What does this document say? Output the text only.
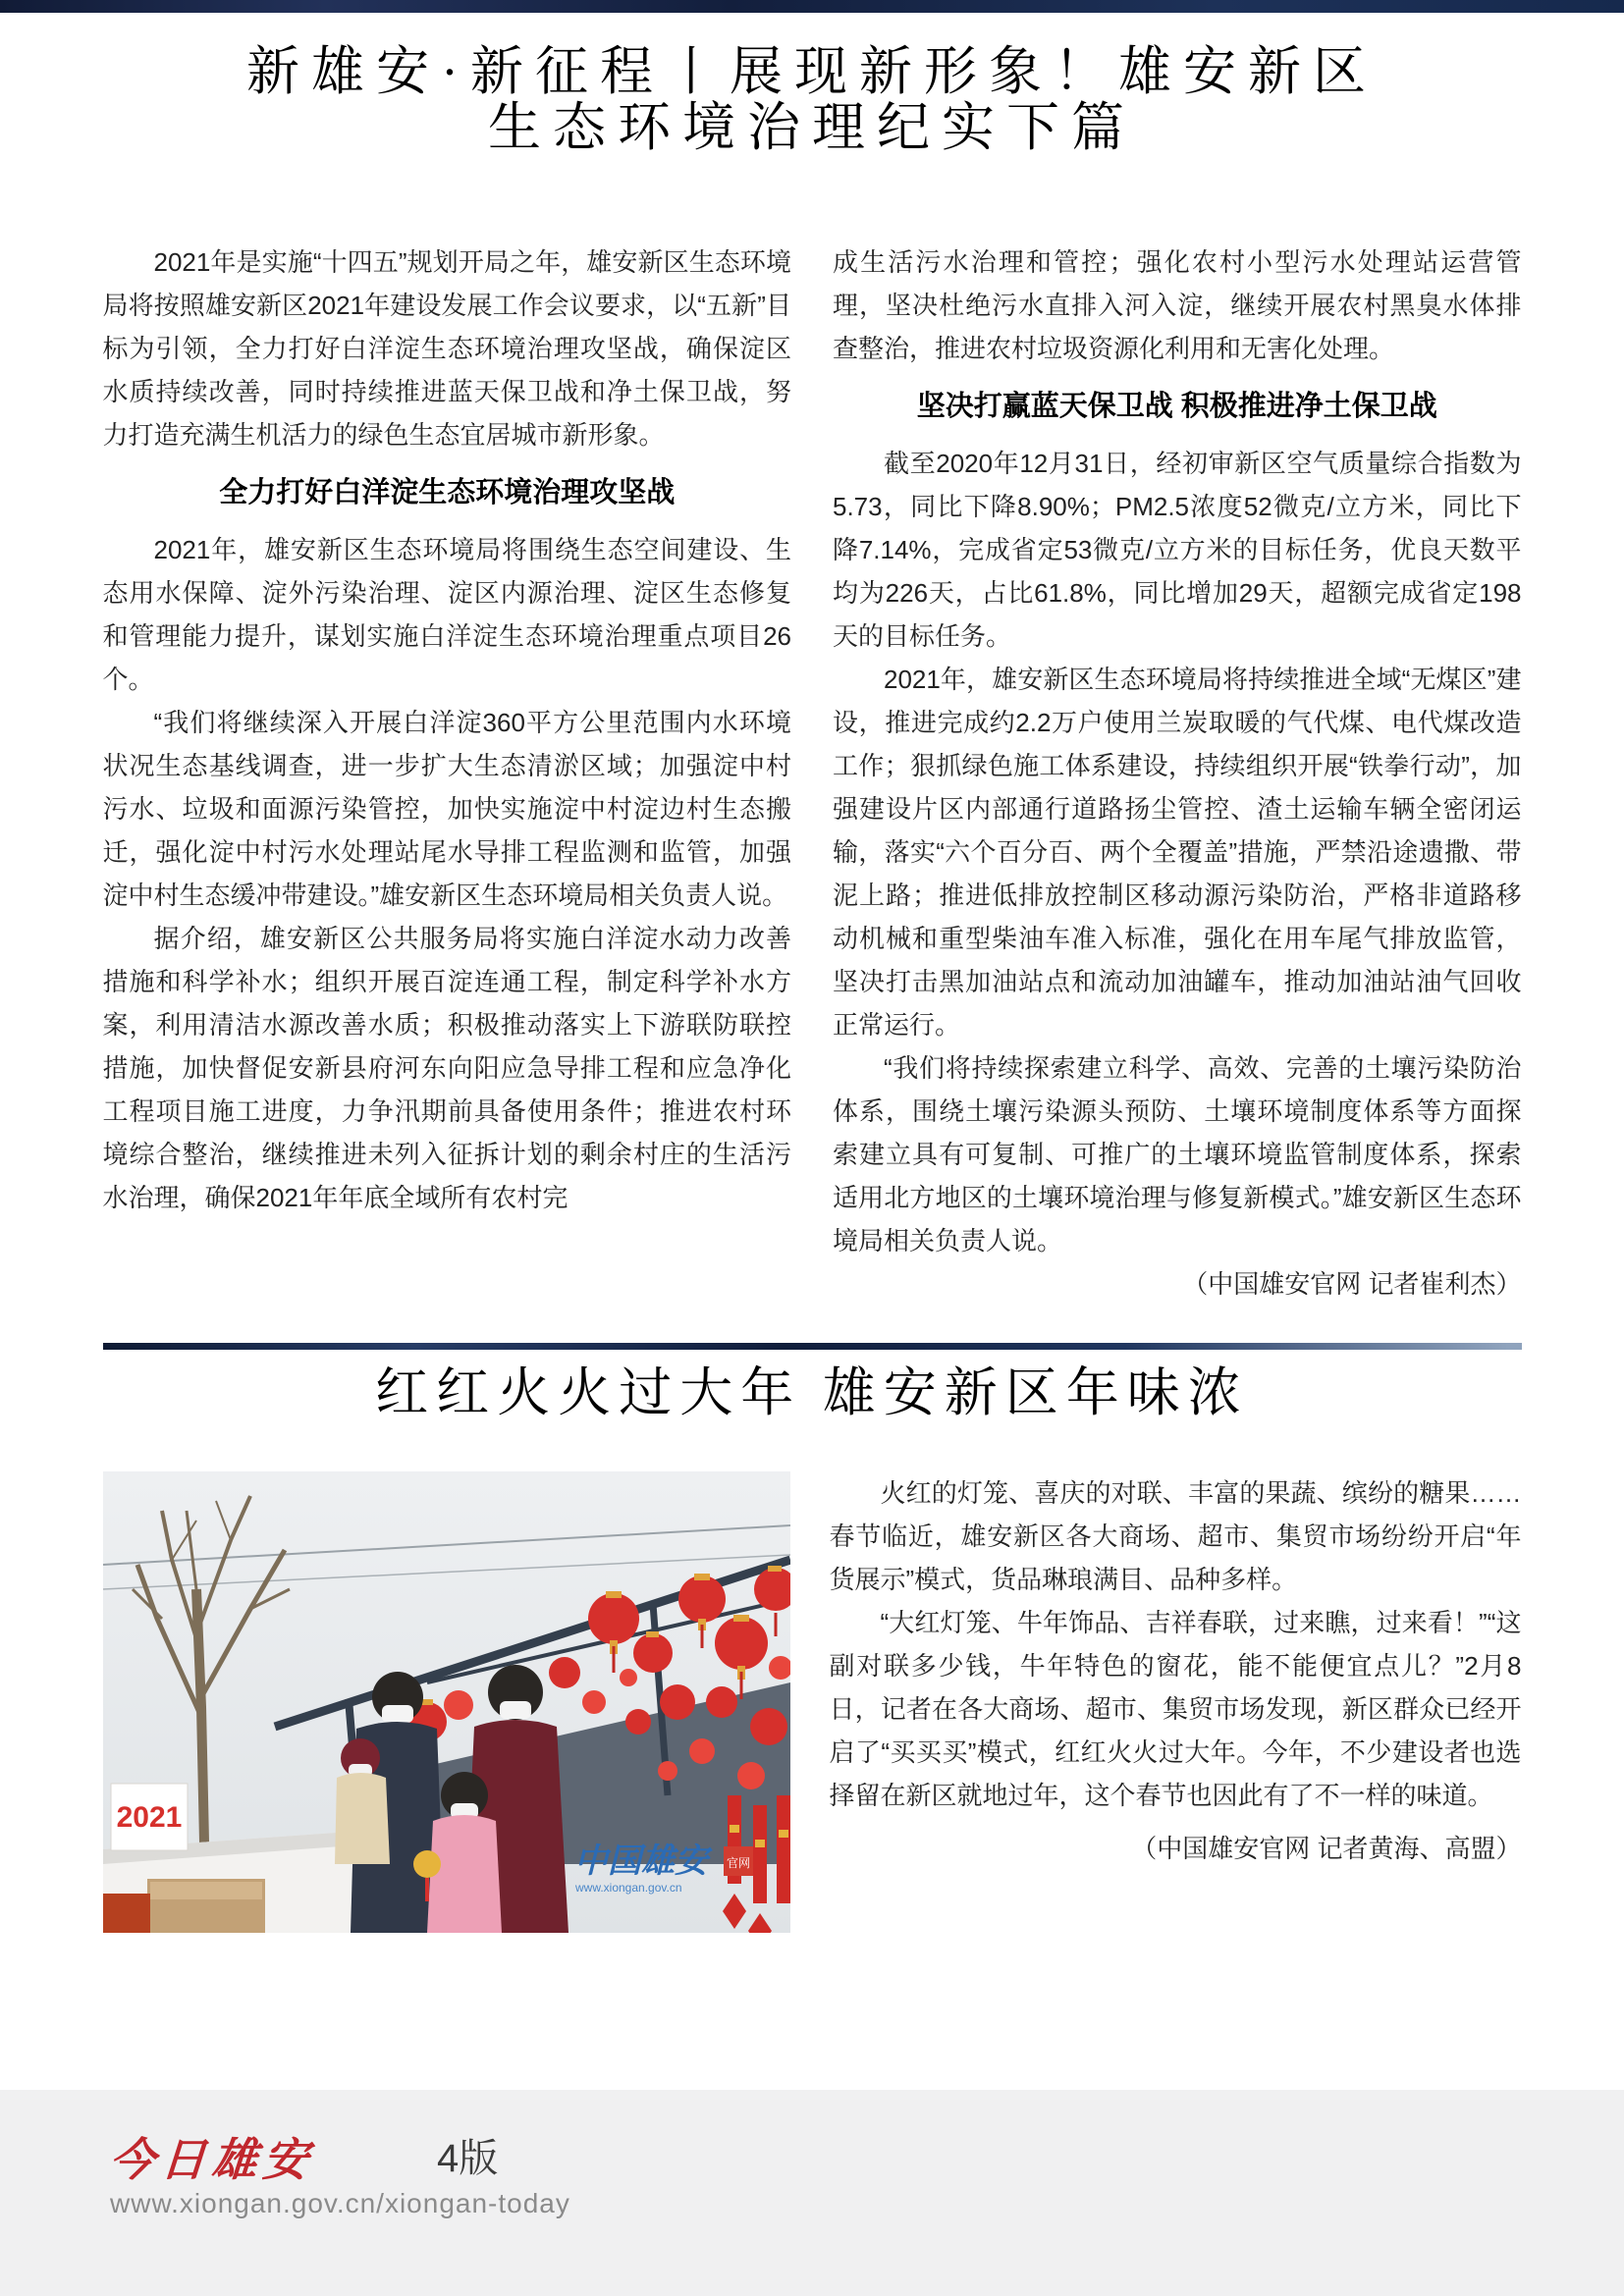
新雄安·新征程丨展现新形象！雄安新区
生态环境治理纪实下篇

2021年是实施“十四五”规划开局之年，雄安新区生态环境局将按照雄安新区2021年建设发展工作会议要求，以“五新”目标为引领，全力打好白洋淀生态环境治理攻坚战，确保淀区水质持续改善，同时持续推进蓝天保卫战和净土保卫战，努力打造充满生机活力的绿色生态宜居城市新形象。

全力打好白洋淀生态环境治理攻坚战

2021年，雄安新区生态环境局将围绕生态空间建设、生态用水保障、淀外污染治理、淀区内源治理、淀区生态修复和管理能力提升，谋划实施白洋淀生态环境治理重点项目26个。

“我们将继续深入开展白洋淀360平方公里范围内水环境状况生态基线调查，进一步扩大生态清淤区域；加强淀中村污水、垃圾和面源污染管控，加快实施淀中村淀边村生态搬迁，强化淀中村污水处理站尾水导排工程监测和监管，加强淀中村生态缓冲带建设。”雄安新区生态环境局相关负责人说。

据介绍，雄安新区公共服务局将实施白洋淀水动力改善措施和科学补水；组织开展百淀连通工程，制定科学补水方案，利用清洁水源改善水质；积极推动落实上下游联防联控措施，加快督促安新县府河东向阳应急导排工程和应急净化工程项目施工进度，力争汛期前具备使用条件；推进农村环境综合整治，继续推进未列入征拆计划的剩余村庄的生活污水治理，确保2021年年底全域所有农村完

成生活污水治理和管控；强化农村小型污水处理站运营管理，坚决杜绝污水直排入河入淀，继续开展农村黑臭水体排查整治，推进农村垃圾资源化利用和无害化处理。

坚决打赢蓝天保卫战 积极推进净土保卫战

截至2020年12月31日，经初审新区空气质量综合指数为5.73，同比下降8.90%；PM2.5浓度52微克/立方米，同比下降7.14%，完成省定53微克/立方米的目标任务，优良天数平均为226天，占比61.8%，同比增加29天，超额完成省定198天的目标任务。

2021年，雄安新区生态环境局将持续推进全域“无煤区”建设，推进完成约2.2万户使用兰炭取暖的气代煤、电代煤改造工作；狠抓绿色施工体系建设，持续组织开展“铁拳行动”，加强建设片区内部通行道路扬尘管控、渣土运输车辆全密闭运输，落实“六个百分百、两个全覆盖”措施，严禁沿途遗撒、带泥上路；推进低排放控制区移动源污染防治，严格非道路移动机械和重型柴油车准入标准，强化在用车尾气排放监管，坚决打击黑加油站点和流动加油罐车，推动加油站油气回收正常运行。

“我们将持续探索建立科学、高效、完善的土壤污染防治体系，围绕土壤污染源头预防、土壤环境制度体系等方面探索建立具有可复制、可推广的土壤环境监管制度体系，探索适用北方地区的土壤环境治理与修复新模式。”雄安新区生态环境局相关负责人说。

（中国雄安官网 记者崔利杰）

红红火火过大年 雄安新区年味浓
2021
中国雄安	官网
www.xiongan.gov.cn

火红的灯笼、喜庆的对联、丰富的果蔬、缤纷的糖果……春节临近，雄安新区各大商场、超市、集贸市场纷纷开启“年货展示”模式，货品琳琅满目、品种多样。

“大红灯笼、牛年饰品、吉祥春联，过来瞧，过来看！”“这副对联多少钱，牛年特色的窗花，能不能便宜点儿？”2月8日，记者在各大商场、超市、集贸市场发现，新区群众已经开启了“买买买”模式，红红火火过大年。今年，不少建设者也选择留在新区就地过年，这个春节也因此有了不一样的味道。

（中国雄安官网 记者黄海、高盟）

今日雄安	4版
www.xiongan.gov.cn/xiongan-today
